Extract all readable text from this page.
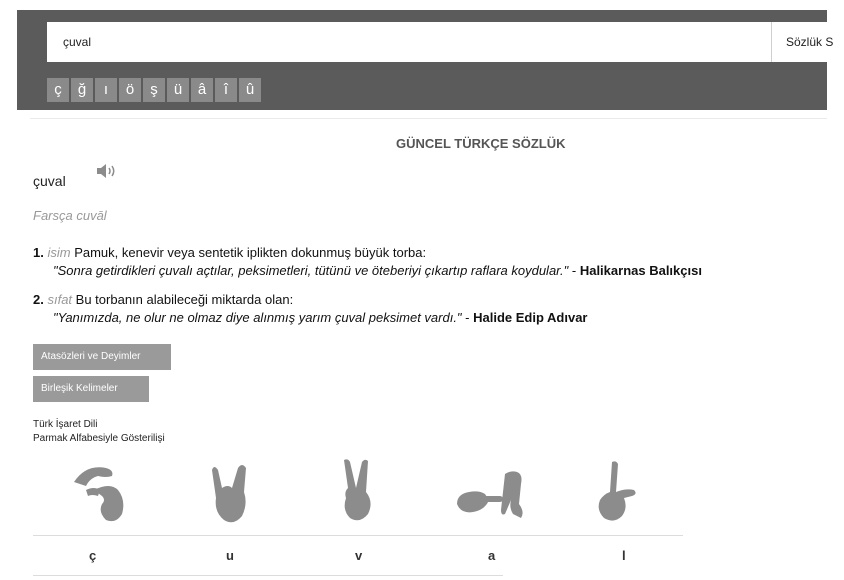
çuval
Sözlük S
ç	ğ	ı	ö	ş	ü	â	î	û
GÜNCEL TÜRKÇE SÖZLÜK
çuval
Farsça cuvāl
1. isim Pamuk, kenevir veya sentetik iplikten dokunmuş büyük torba:
"Sonra getirdikleri çuvalı açtılar, peksimetleri, tütünü ve öteberiyi çıkartıp raflara koydular." - Halikarnas Balıkçısı
2. sıfat Bu torbanın alabileceği miktarda olan:
"Yanımızda, ne olur ne olmaz diye alınmış yarım çuval peksimet vardı." - Halide Edip Adıvar
Atasözleri ve Deyimler
Birleşik Kelimeler
Türk İşaret Dili
Parmak Alfabesiyle Gösterilişi
ç	u	v	a	l
